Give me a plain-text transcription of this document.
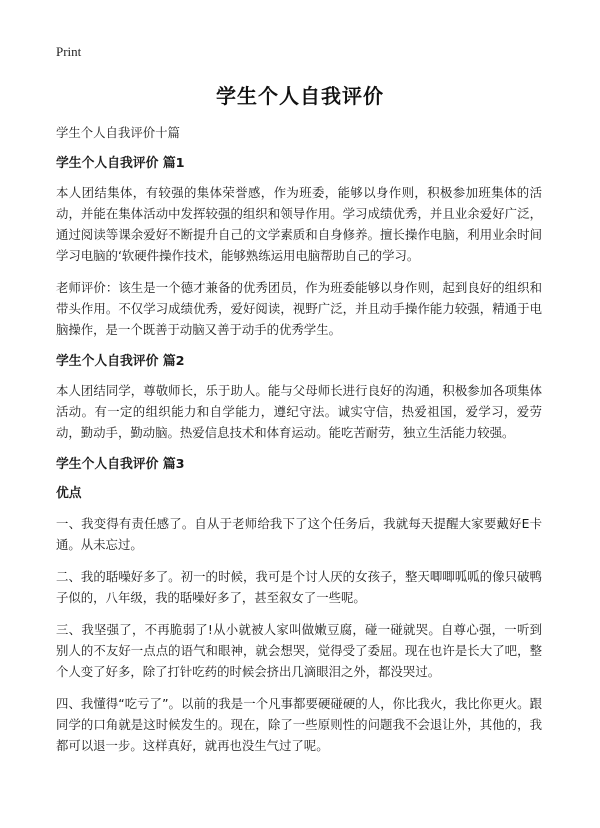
Print
学生个人自我评价

学生个人自我评价十篇

学生个人自我评价 篇1

本人团结集体，有较强的集体荣誉感，作为班委，能够以身作则，积极参加班集体的活动，并能在集体活动中发挥较强的组织和领导作用。学习成绩优秀，并且业余爱好广泛，通过阅读等课余爱好不断提升自己的文学素质和自身修养。擅长操作电脑，利用业余时间学习电脑的‘软硬件操作技术，能够熟练运用电脑帮助自己的学习。

老师评价：该生是一个德才兼备的优秀团员，作为班委能够以身作则，起到良好的组织和带头作用。不仅学习成绩优秀，爱好阅读，视野广泛，并且动手操作能力较强，精通于电脑操作，是一个既善于动脑又善于动手的优秀学生。

学生个人自我评价 篇2

本人团结同学，尊敬师长，乐于助人。能与父母师长进行良好的沟通，积极参加各项集体活动。有一定的组织能力和自学能力，遵纪守法。诚实守信，热爱祖国，爱学习，爱劳动，勤动手，勤动脑。热爱信息技术和体育运动。能吃苦耐劳，独立生活能力较强。

学生个人自我评价 篇3

优点

一、我变得有责任感了。自从于老师给我下了这个任务后，我就每天提醒大家要戴好E卡通。从未忘过。

二、我的聒噪好多了。初一的时候，我可是个讨人厌的女孩子，整天唧唧呱呱的像只破鸭子似的，八年级，我的聒噪好多了，甚至叙女了一些呢。

三、我坚强了，不再脆弱了!从小就被人家叫做嫩豆腐，碰一碰就哭。自尊心强，一听到别人的不友好一点点的语气和眼神，就会想哭，觉得受了委屈。现在也许是长大了吧，整个人变了好多，除了打针吃药的时候会挤出几滴眼泪之外，都没哭过。

四、我懂得“吃亏了”。以前的我是一个凡事都要硬碰硬的人，你比我火，我比你更火。跟同学的口角就是这时候发生的。现在，除了一些原则性的问题我不会退让外，其他的，我都可以退一步。这样真好，就再也没生气过了呢。
